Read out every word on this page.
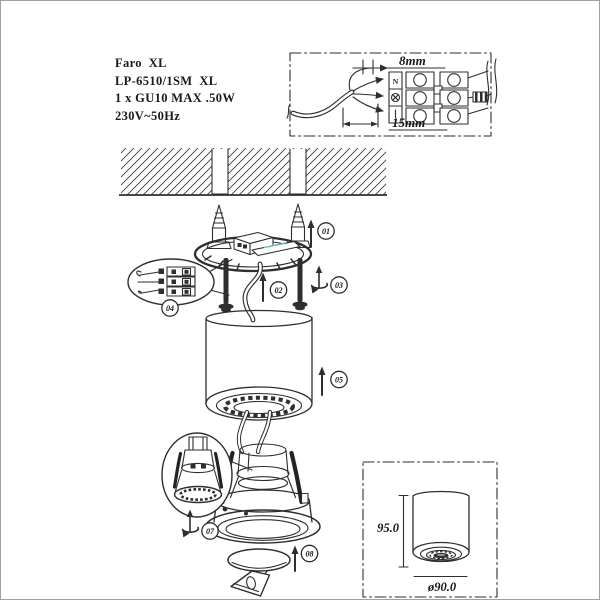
Faro  XL
LP-6510/1SM  XL
1 x GU10 MAX .50W
230V~50Hz
8mm
N
15mm
01
02
03
04
05
07
08
95.0
ø90.0
